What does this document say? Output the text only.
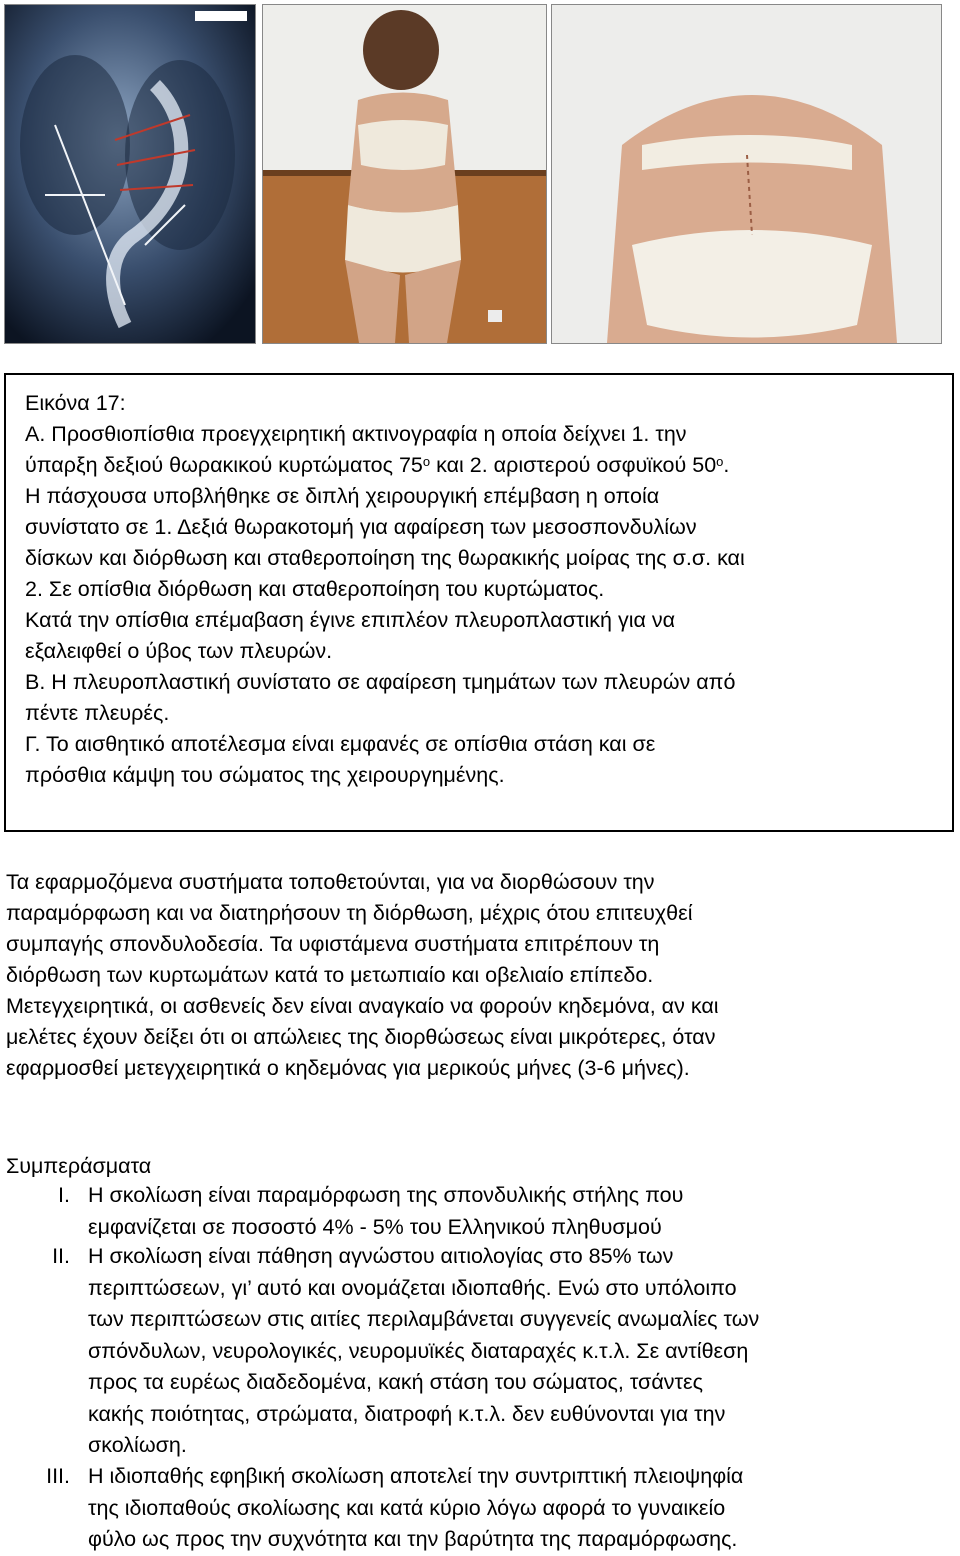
Εικόνα 17:
Α. Προσθιοπίσθια προεγχειρητική ακτινογραφία η οποία δείχνει 1. την
ύπαρξη δεξιού θωρακικού κυρτώματος $75^o$ και 2. αριστερού οσφυϊκού $50^o$.
Η πάσχουσα υποβλήθηκε σε διπλή χειρουργική επέμβαση η οποία
συνίστατο σε 1. Δεξιά θωρακοτομή για αφαίρεση των μεσοσπονδυλίων
δίσκων και διόρθωση και σταθεροποίηση της θωρακικής μοίρας της σ.σ. και
2. Σε οπίσθια διόρθωση και σταθεροποίηση του κυρτώματος.
Κατά την οπίσθια επέμαβαση έγινε επιπλέον πλευροπλαστική για να
εξαλειφθεί ο ύβος των πλευρών.
Β. Η πλευροπλαστική συνίστατο σε αφαίρεση τμημάτων των πλευρών από
πέντε πλευρές.
Γ. Το αισθητικό αποτέλεσμα είναι εμφανές σε οπίσθια στάση και σε
πρόσθια κάμψη του σώματος της χειρουργημένης.
Τα εφαρμοζόμενα συστήματα τοποθετούνται, για να διορθώσουν την
παραμόρφωση και να διατηρήσουν τη διόρθωση, μέχρις ότου επιτευχθεί
συμπαγής σπονδυλοδεσία. Τα υφιστάμενα συστήματα επιτρέπουν τη
διόρθωση των κυρτωμάτων κατά το μετωπιαίο και οβελιαίο επίπεδο.
Μετεγχειρητικά, οι ασθενείς δεν είναι αναγκαίο να φορούν κηδεμόνα, αν και
μελέτες έχουν δείξει ότι οι απώλειες της διορθώσεως είναι μικρότερες, όταν
εφαρμοσθεί μετεγχειρητικά ο κηδεμόνας για μερικούς μήνες (3-6 μήνες).
Συμπεράσματα
I. Η σκολίωση είναι παραμόρφωση της σπονδυλικής στήλης που
εμφανίζεται σε ποσοστό 4% - 5% του Ελληνικού πληθυσμού
II. Η σκολίωση είναι πάθηση αγνώστου αιτιολογίας στο 85% των
περιπτώσεων, γι’ αυτό και ονομάζεται ιδιοπαθής. Ενώ στο υπόλοιπο
των περιπτώσεων στις αιτίες περιλαμβάνεται συγγενείς ανωμαλίες των
σπόνδυλων, νευρολογικές, νευρομυϊκές διαταραχές κ.τ.λ. Σε αντίθεση
προς τα ευρέως διαδεδομένα, κακή στάση του σώματος, τσάντες
κακής ποιότητας, στρώματα, διατροφή κ.τ.λ. δεν ευθύνονται για την
σκολίωση.
III. Η ιδιοπαθής εφηβική σκολίωση αποτελεί την συντριπτική πλειοψηφία
της ιδιοπαθούς σκολίωσης και κατά κύριο λόγω αφορά το γυναικείο
φύλο ως προς την συχνότητα και την βαρύτητα της παραμόρφωσης.
